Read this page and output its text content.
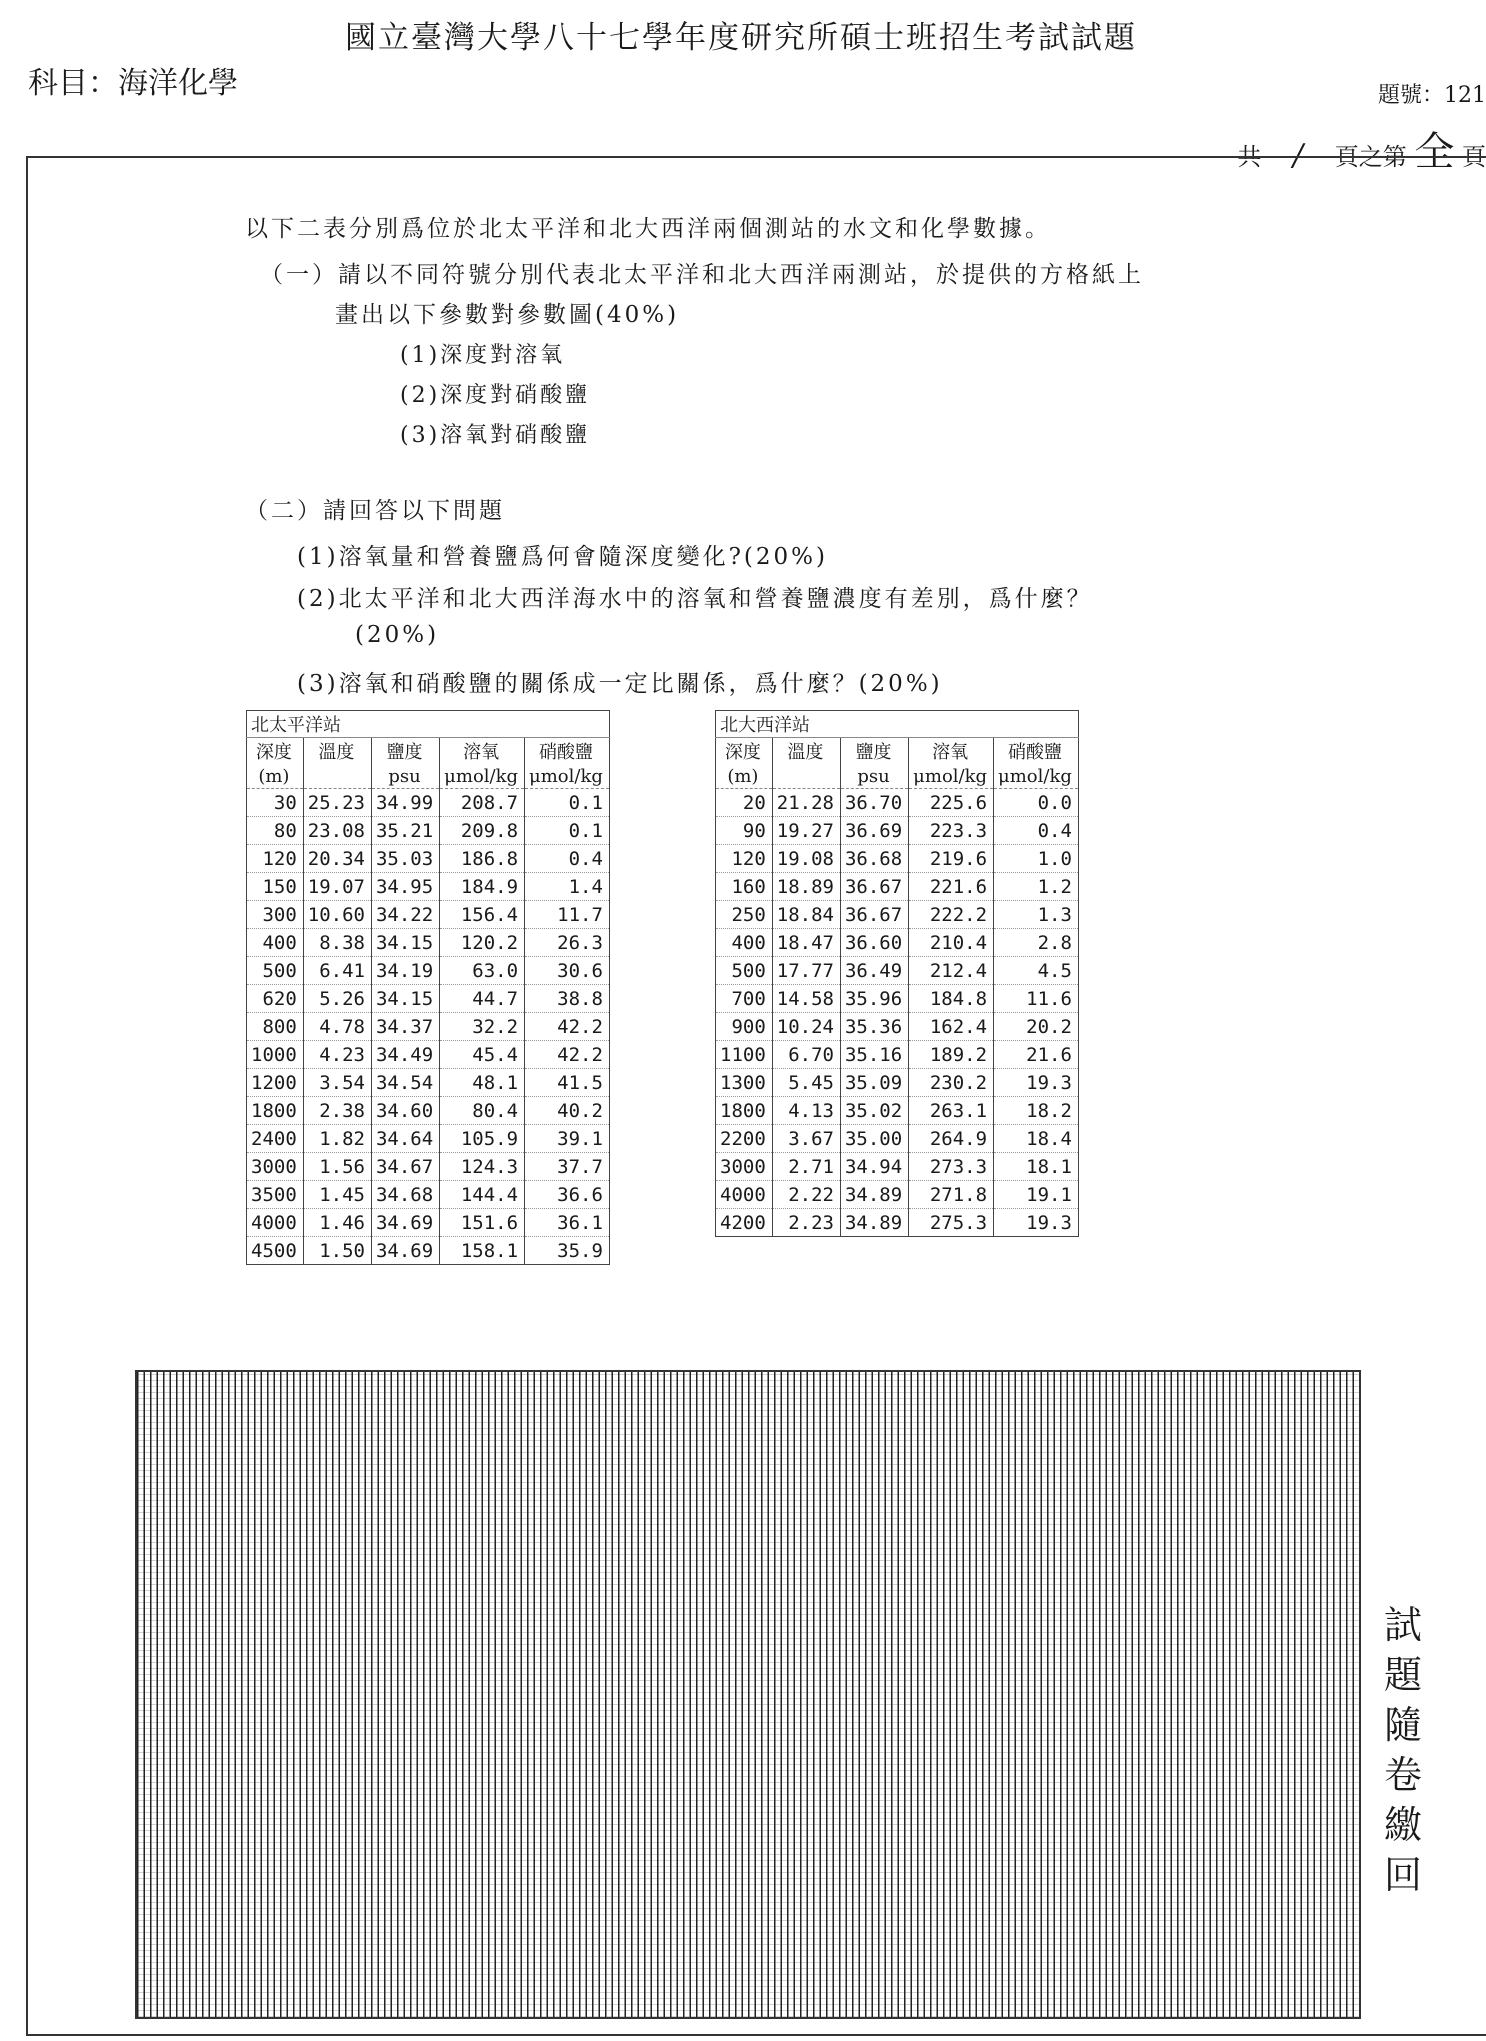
國立臺灣大學八十七學年度研究所碩士班招生考試試題
科目：海洋化學	題號：121
共 / 頁之第 全 頁
以下二表分別爲位於北太平洋和北大西洋兩個測站的水文和化學數據。
（一）請以不同符號分別代表北太平洋和北大西洋兩測站，於提供的方格紙上
畫出以下參數對參數圖(40%)
(1)深度對溶氧
(2)深度對硝酸鹽
(3)溶氧對硝酸鹽
（二）請回答以下問題
(1)溶氧量和營養鹽爲何會隨深度變化?(20%)
(2)北太平洋和北大西洋海水中的溶氧和營養鹽濃度有差別，爲什麼？
(20%)
(3)溶氧和硝酸鹽的關係成一定比關係，爲什麼？(20%)
北太平洋站				
深度	溫度	鹽度	溶氧	硝酸鹽
(m)		psu	μmol/kg	μmol/kg
30	25.23	34.99	208.7	0.1
80	23.08	35.21	209.8	0.1
120	20.34	35.03	186.8	0.4
150	19.07	34.95	184.9	1.4
300	10.60	34.22	156.4	11.7
400	8.38	34.15	120.2	26.3
500	6.41	34.19	63.0	30.6
620	5.26	34.15	44.7	38.8
800	4.78	34.37	32.2	42.2
1000	4.23	34.49	45.4	42.2
1200	3.54	34.54	48.1	41.5
1800	2.38	34.60	80.4	40.2
2400	1.82	34.64	105.9	39.1
3000	1.56	34.67	124.3	37.7
3500	1.45	34.68	144.4	36.6
4000	1.46	34.69	151.6	36.1
4500	1.50	34.69	158.1	35.9
北大西洋站				
深度	溫度	鹽度	溶氧	硝酸鹽
(m)		psu	μmol/kg	μmol/kg
20	21.28	36.70	225.6	0.0
90	19.27	36.69	223.3	0.4
120	19.08	36.68	219.6	1.0
160	18.89	36.67	221.6	1.2
250	18.84	36.67	222.2	1.3
400	18.47	36.60	210.4	2.8
500	17.77	36.49	212.4	4.5
700	14.58	35.96	184.8	11.6
900	10.24	35.36	162.4	20.2
1100	6.70	35.16	189.2	21.6
1300	5.45	35.09	230.2	19.3
1800	4.13	35.02	263.1	18.2
2200	3.67	35.00	264.9	18.4
3000	2.71	34.94	273.3	18.1
4000	2.22	34.89	271.8	19.1
4200	2.23	34.89	275.3	19.3
試題隨卷繳回
